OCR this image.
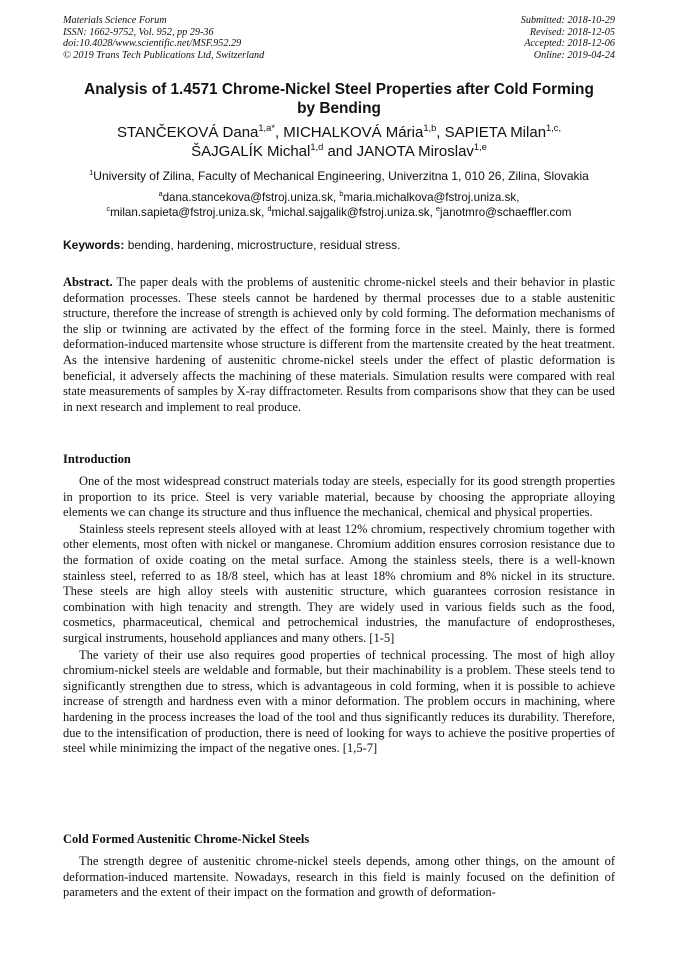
Materials Science Forum
ISSN: 1662-9752, Vol. 952, pp 29-36
doi:10.4028/www.scientific.net/MSF.952.29
© 2019 Trans Tech Publications Ltd, Switzerland
Submitted: 2018-10-29
Revised: 2018-12-05
Accepted: 2018-12-06
Online: 2019-04-24
Analysis of 1.4571 Chrome-Nickel Steel Properties after Cold Forming
by Bending
STANČEKOVÁ Dana$^{1,a*}$, MICHALKOVÁ Mária$^{1,b}$, SAPIETA Milan$^{1,c,}$
ŠAJGALÍK Michal$^{1,d}$ and JANOTA Miroslav$^{1,e}$
$^1$University of Zilina, Faculty of Mechanical Engineering, Univerzitna 1, 010 26, Zilina, Slovakia
$^a$dana.stancekova@fstroj.uniza.sk, $^b$maria.michalkova@fstroj.uniza.sk,
$^c$milan.sapieta@fstroj.uniza.sk, $^d$michal.sajgalik@fstroj.uniza.sk, $^e$janotmro@schaeffler.com
Keywords: bending, hardening, microstructure, residual stress.

Abstract. The paper deals with the problems of austenitic chrome-nickel steels and their behavior in plastic deformation processes. These steels cannot be hardened by thermal processes due to a stable austenitic structure, therefore the increase of strength is achieved only by cold forming. The deformation mechanisms of the slip or twinning are activated by the effect of the forming force in the steel. Mainly, there is formed deformation-induced martensite whose structure is different from the martensite created by the heat treatment. As the intensive hardening of austenitic chrome-nickel steels under the effect of plastic deformation is beneficial, it adversely affects the machining of these materials. Simulation results were compared with real state measurements of samples by X-ray diffractometer. Results from comparisons show that they can be used in next research and implement to real produce.

Introduction

One of the most widespread construct materials today are steels, especially for its good strength properties in proportion to its price. Steel is very variable material, because by choosing the appropriate alloying elements we can change its structure and thus influence the mechanical, chemical and physical properties.

Stainless steels represent steels alloyed with at least 12% chromium, respectively chromium together with other elements, most often with nickel or manganese. Chromium addition ensures corrosion resistance due to the formation of oxide coating on the metal surface. Among the stainless steels, there is a well-known stainless steel, referred to as 18/8 steel, which has at least 18% chromium and 8% nickel in its structure. These steels are high alloy steels with austenitic structure, which guarantees corrosion resistance in combination with high tenacity and strength. They are widely used in various fields such as the food, cosmetics, pharmaceutical, chemical and petrochemical industries, the manufacture of endoprostheses, surgical instruments, household appliances and many others. [1-5]

The variety of their use also requires good properties of technical processing. The most of high alloy chromium-nickel steels are weldable and formable, but their machinability is a problem. These steels tend to significantly strengthen due to stress, which is advantageous in cold forming, when it is possible to achieve increase of strength and hardness even with a minor deformation. The problem occurs in machining, where hardening in the process increases the load of the tool and thus significantly reduces its durability. Therefore, due to the intensification of production, there is need of looking for ways to achieve the positive properties of steel while minimizing the impact of the negative ones. [1,5-7]

Cold Formed Austenitic Chrome-Nickel Steels

The strength degree of austenitic chrome-nickel steels depends, among other things, on the amount of deformation-induced martensite. Nowadays, research in this field is mainly focused on the definition of parameters and the extent of their impact on the formation and growth of deformation-
